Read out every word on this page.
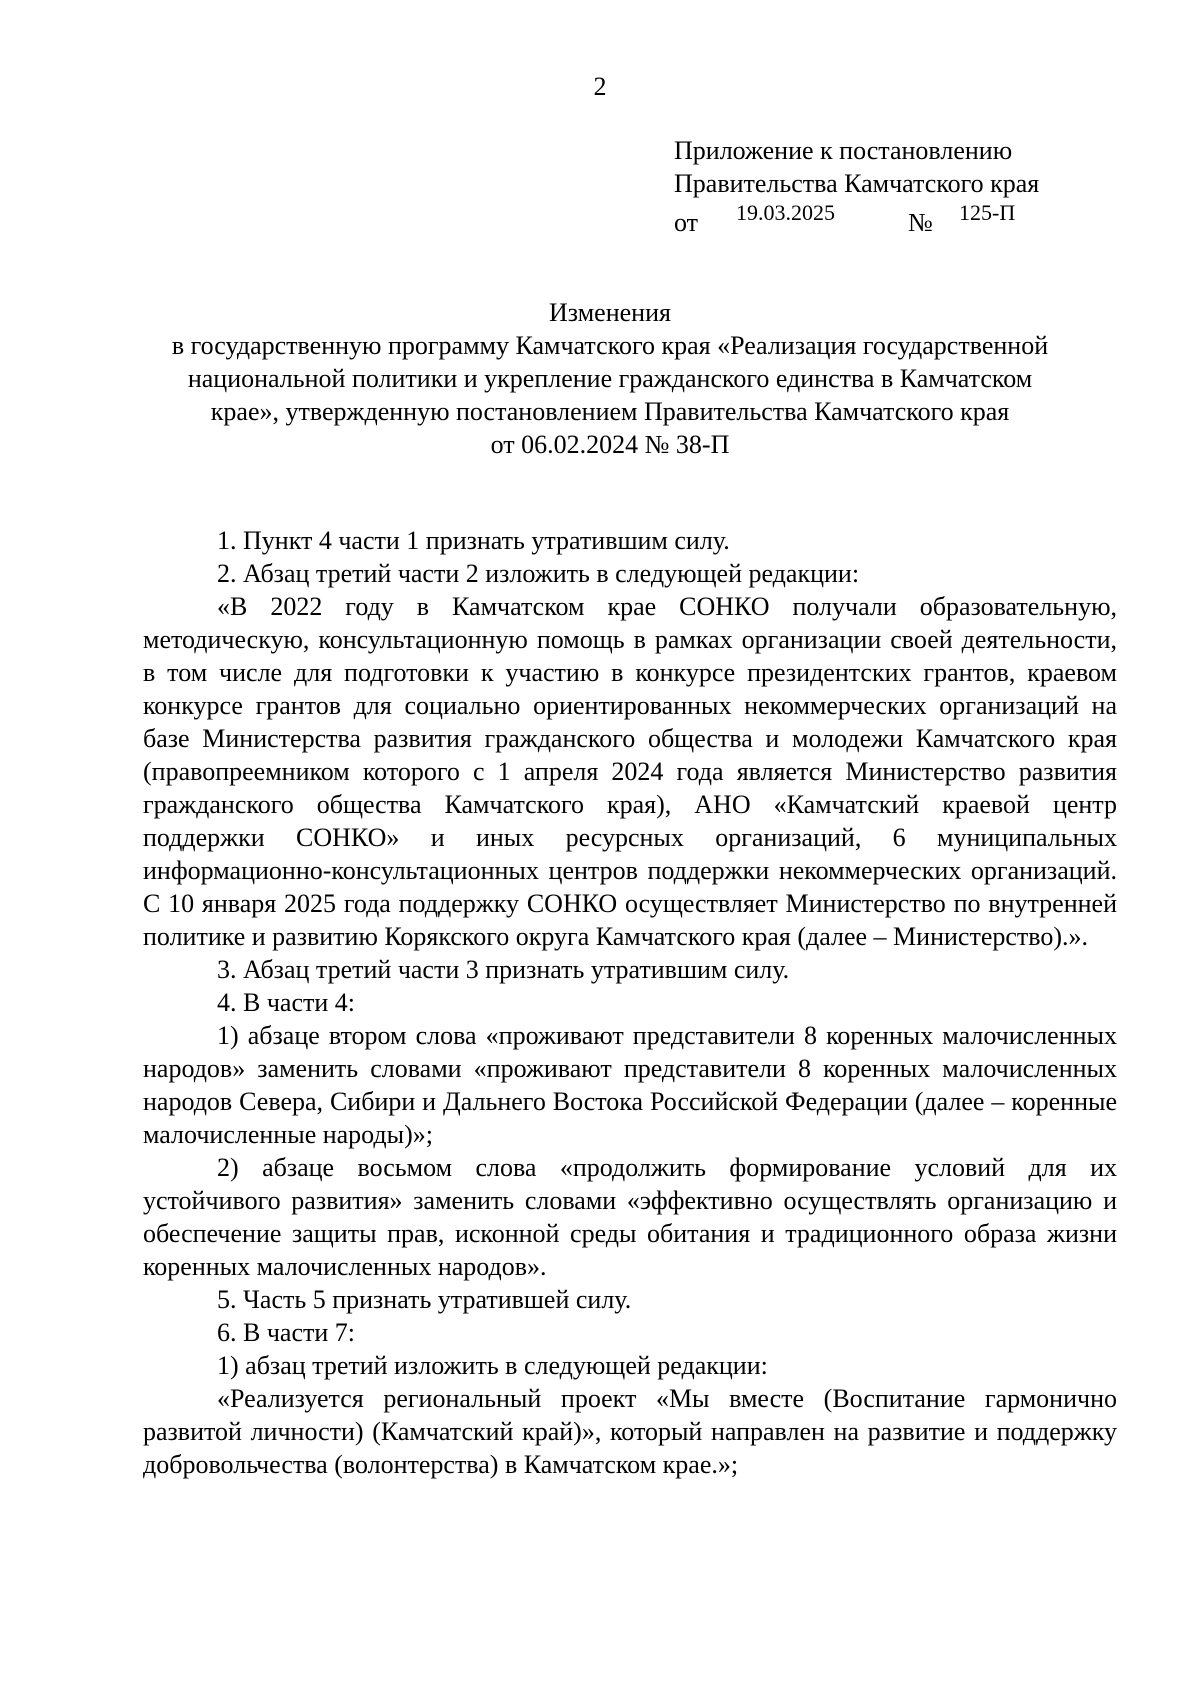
2
Приложение к постановлению
Правительства Камчатского края
от 19.03.2025	№ 125-П
Изменения
в государственную программу Камчатского края «Реализация государственной
национальной политики и укрепление гражданского единства в Камчатском
крае», утвержденную постановлением Правительства Камчатского края
от 06.02.2024 № 38-П

1. Пункт 4 части 1 признать утратившим силу.

2. Абзац третий части 2 изложить в следующей редакции:

«В 2022 году в Камчатском крае СОНКО получали образовательную, методическую, консультационную помощь в рамках организации своей деятельности, в том числе для подготовки к участию в конкурсе президентских грантов, краевом конкурсе грантов для социально ориентированных некоммерческих организаций на базе Министерства развития гражданского общества и молодежи Камчатского края (правопреемником которого с 1 апреля 2024 года является Министерство развития гражданского общества Камчатского края), АНО «Камчатский краевой центр поддержки СОНКО» и иных ресурсных организаций, 6 муниципальных информационно-консультационных центров поддержки некоммерческих организаций. С 10 января 2025 года поддержку СОНКО осуществляет Министерство по внутренней политике и развитию Корякского округа Камчатского края (далее – Министерство).».

3. Абзац третий части 3 признать утратившим силу.

4. В части 4:

1) абзаце втором слова «проживают представители 8 коренных малочисленных народов» заменить словами «проживают представители 8 коренных малочисленных народов Севера, Сибири и Дальнего Востока Российской Федерации (далее – коренные малочисленные народы)»;

2) абзаце восьмом слова «продолжить формирование условий для их устойчивого развития» заменить словами «эффективно осуществлять организацию и обеспечение защиты прав, исконной среды обитания и традиционного образа жизни коренных малочисленных народов».

5. Часть 5 признать утратившей силу.

6. В части 7:

1) абзац третий изложить в следующей редакции:

«Реализуется региональный проект «Мы вместе (Воспитание гармонично развитой личности) (Камчатский край)», который направлен на развитие и поддержку добровольчества (волонтерства) в Камчатском крае.»;
